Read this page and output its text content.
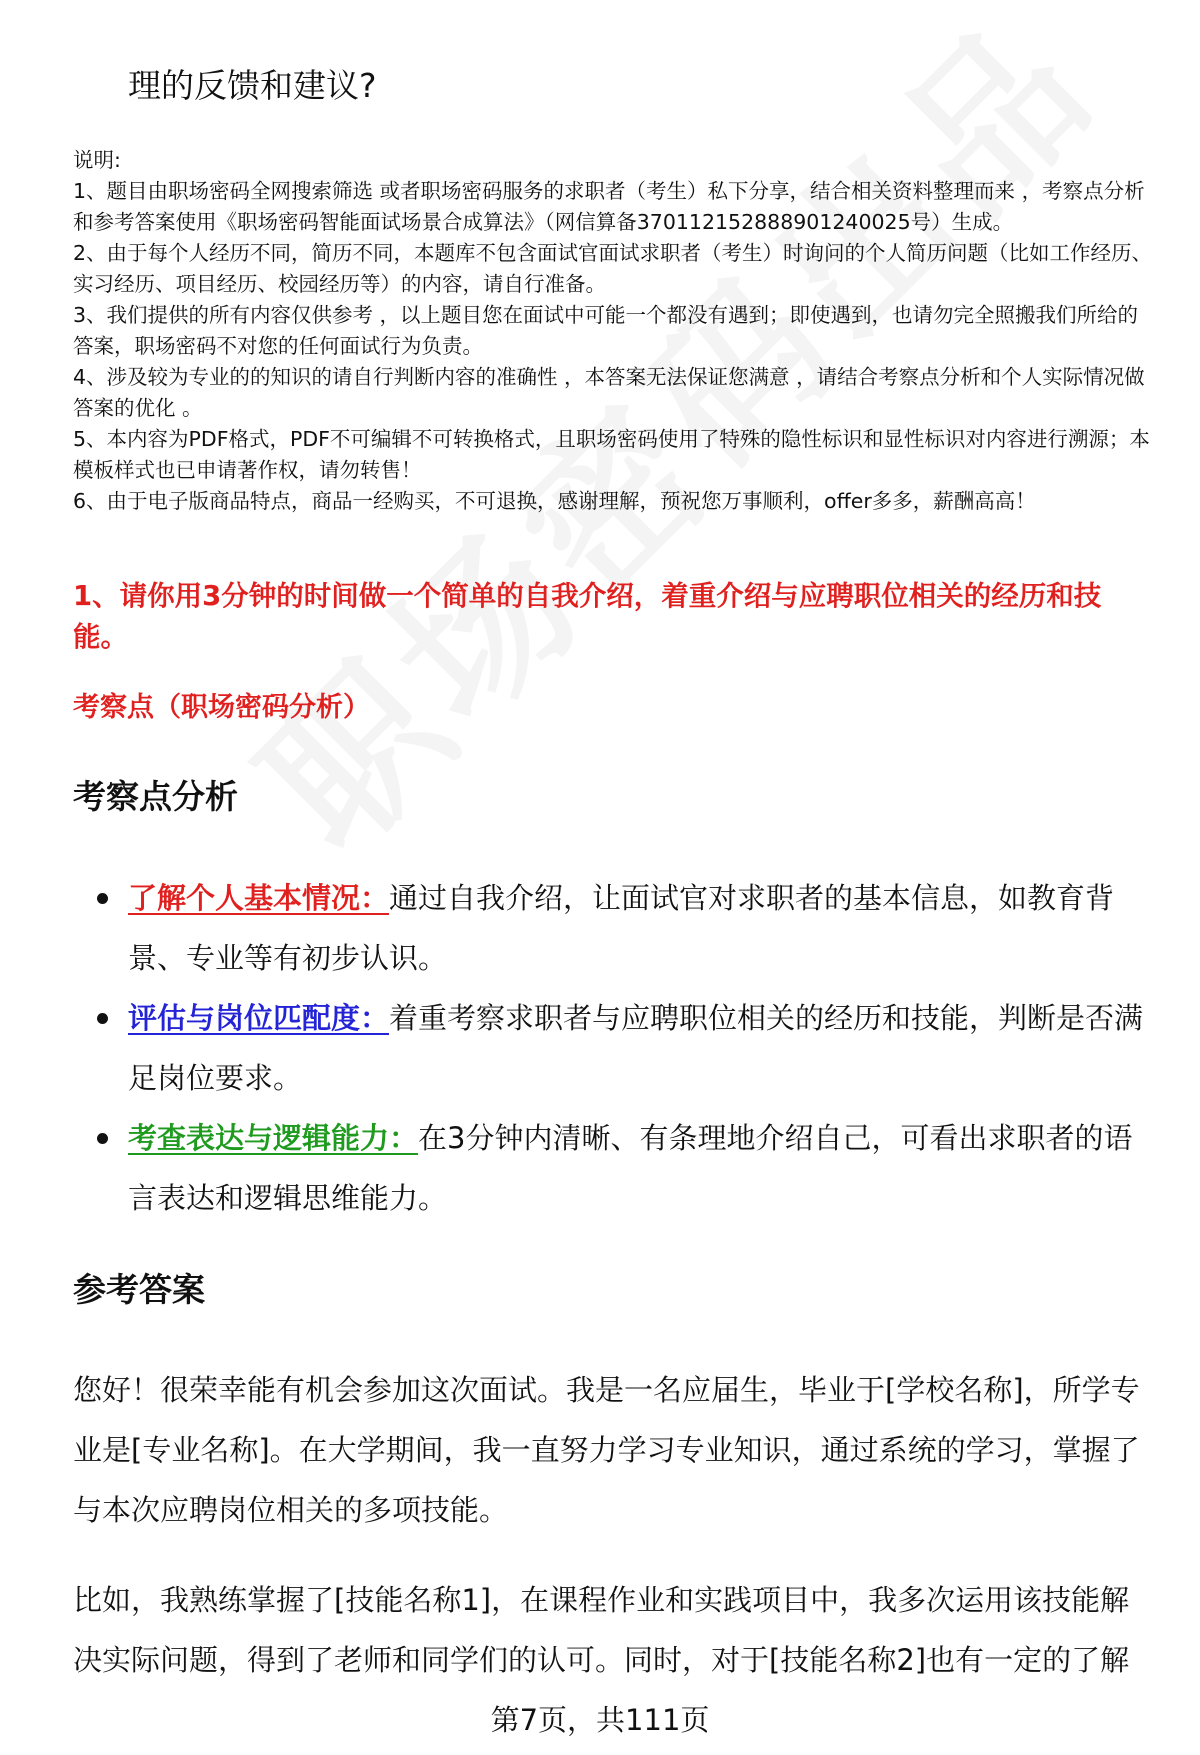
理的反馈和建议?

说明:

1、题目由职场密码全网搜索筛选 或者职场密码服务的求职者（考生）私下分享，结合相关资料整理而来 ，考察点分析和参考答案使用《职场密码智能面试场景合成算法》（网信算备370112152888901240025号）生成。

2、由于每个人经历不同，简历不同，本题库不包含面试官面试求职者（考生）时询问的个人简历问题（比如工作经历、实习经历、项目经历、校园经历等）的内容，请自行准备。

3、我们提供的所有内容仅供参考 ，以上题目您在面试中可能一个都没有遇到；即使遇到，也请勿完全照搬我们所给的答案，职场密码不对您的任何面试行为负责。

4、涉及较为专业的的知识的请自行判断内容的准确性 ，本答案无法保证您满意 ，请结合考察点分析和个人实际情况做答案的优化 。

5、本内容为PDF格式，PDF不可编辑不可转换格式，且职场密码使用了特殊的隐性标识和显性标识对内容进行溯源；本模板样式也已申请著作权，请勿转售！

6、由于电子版商品特点，商品一经购买，不可退换，感谢理解，预祝您万事顺利，offer多多，薪酬高高！

1、请你用3分钟的时间做一个简单的自我介绍，着重介绍与应聘职位相关的经历和技能。

考察点（职场密码分析）

考察点分析
了解个人基本情况：通过自我介绍，让面试官对求职者的基本信息，如教育背景、专业等有初步认识。
评估与岗位匹配度：着重考察求职者与应聘职位相关的经历和技能，判断是否满足岗位要求。
考查表达与逻辑能力：在3分钟内清晰、有条理地介绍自己，可看出求职者的语言表达和逻辑思维能力。
参考答案

您好！很荣幸能有机会参加这次面试。我是一名应届生，毕业于[学校名称]，所学专业是[专业名称]。在大学期间，我一直努力学习专业知识，通过系统的学习，掌握了与本次应聘岗位相关的多项技能。

比如，我熟练掌握了[技能名称1]，在课程作业和实践项目中，我多次运用该技能解决实际问题，得到了老师和同学们的认可。同时，对于[技能名称2]也有一定的了解

第7页，共111页
